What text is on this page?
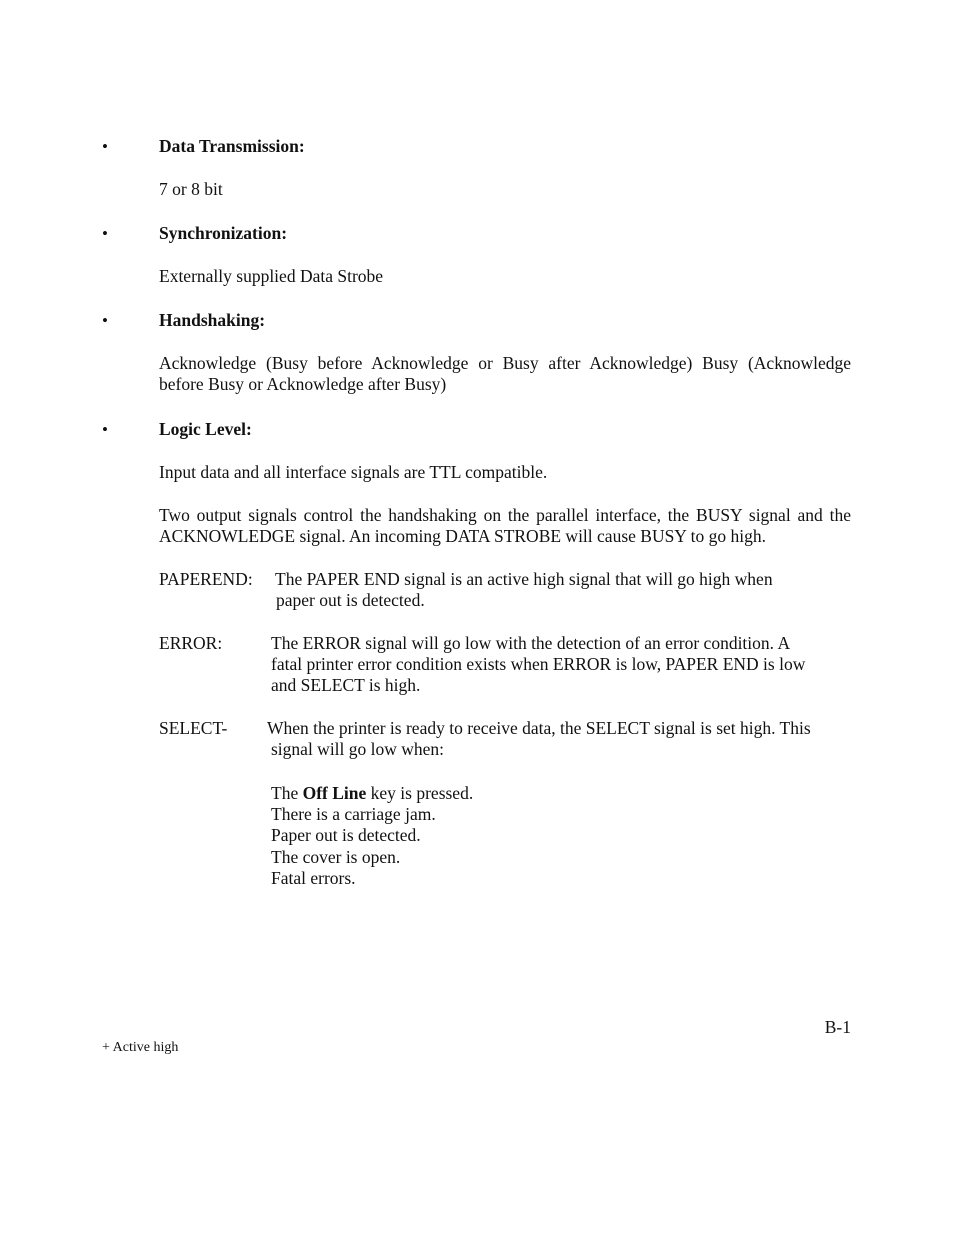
•	Data Transmission:
7 or 8 bit
•	Synchronization:
Externally supplied Data Strobe
•	Handshaking:
Acknowledge (Busy before Acknowledge or Busy after Acknowledge) Busy (Acknowledge before Busy or Acknowledge after Busy)
•	Logic Level:
Input data and all interface signals are TTL compatible.
Two output signals control the handshaking on the parallel interface, the BUSY signal and the ACKNOWLEDGE signal. An incoming DATA STROBE will cause BUSY to go high.
PAPEREND: The PAPER END signal is an active high signal that will go high when
paper out is detected.
ERROR:	The ERROR signal will go low with the detection of an error condition. A
fatal printer error condition exists when ERROR is low, PAPER END is low
and SELECT is high.
SELECT- When the printer is ready to receive data, the SELECT signal is set high. This
signal will go low when:
The Off Line key is pressed.
There is a carriage jam.
Paper out is detected.
The cover is open.
Fatal errors.
B-1
+ Active high
